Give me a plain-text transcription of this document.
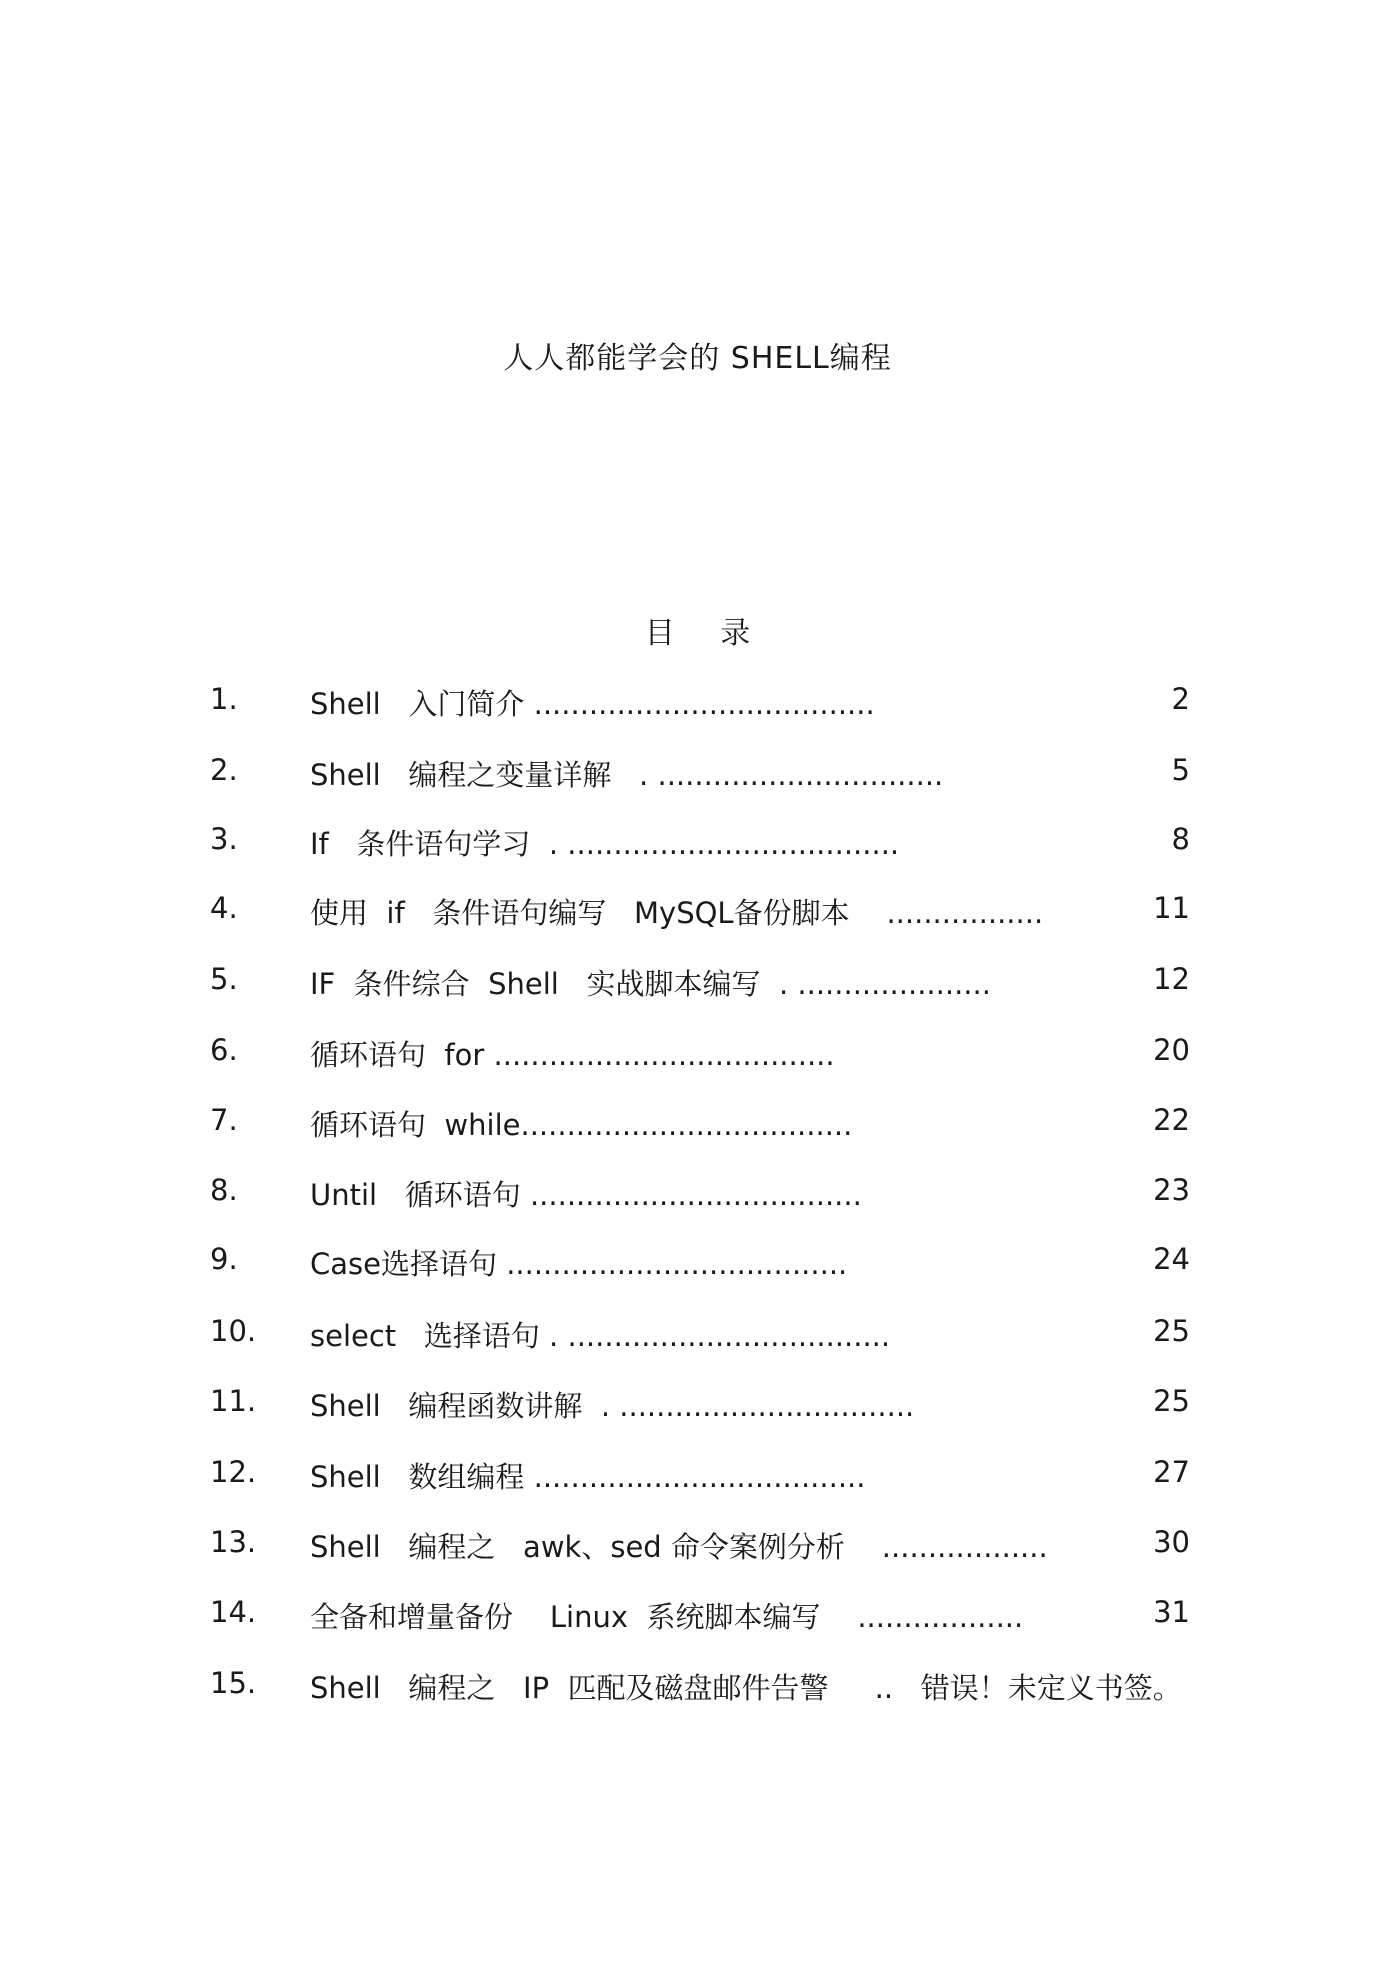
人人都能学会的 SHELL编程
目 录
1. Shell   入门简介 .....................................	2
2. Shell   编程之变量详解   . ...............................	5
3. If   条件语句学习  . ....................................	8
4. 使用  if   条件语句编写   MySQL备份脚本    .................	11
5. IF  条件综合  Shell   实战脚本编写  . .....................	12
6. 循环语句  for .....................................	20
7. 循环语句  while....................................	22
8. Until   循环语句 ....................................	23
9. Case选择语句 .....................................	24
10. select   选择语句 . ...................................	25
11. Shell   编程函数讲解  . ................................	25
12. Shell   数组编程 ....................................	27
13. Shell   编程之   awk、sed 命令案例分析    ..................	30
14. 全备和增量备份    Linux  系统脚本编写    ..................	31
15. Shell   编程之   IP  匹配及磁盘邮件告警     ..   错误！未定义书签。
